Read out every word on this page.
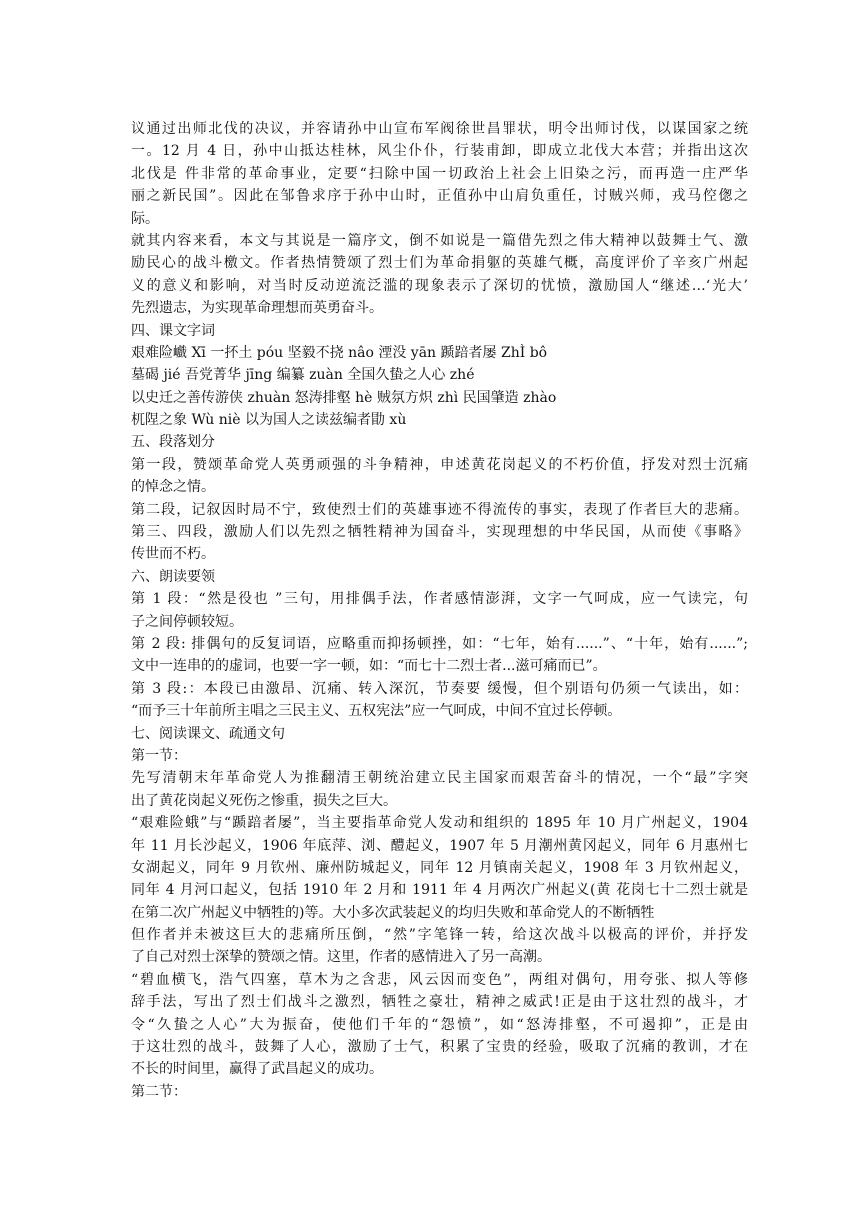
议通过出师北伐的决议，并容请孙中山宣布军阀徐世昌罪状，明令出师讨伐，以谋国家之统
一。12 月 4 日，孙中山抵达桂林，风尘仆仆，行装甫卸，即成立北伐大本营；并指出这次
北伐是 件非常的革命事业，定要“扫除中国一切政治上社会上旧染之污，而再造一庄严华
丽之新民国”。因此在邹鲁求序于孙中山时，正值孙中山肩负重任，讨贼兴师，戎马倥偬之
际。
就其内容来看，本文与其说是一篇序文，倒不如说是一篇借先烈之伟大精神以鼓舞士气、激
励民心的战斗檄文。作者热情赞颂了烈士们为革命捐躯的英雄气概，高度评价了辛亥广州起
义的意义和影响，对当时反动逆流泛滥的现象表示了深切的忧愤，激励国人“继述…‘光大’
先烈遗志，为实现革命理想而英勇奋斗。
四、课文字词
艰难险巇 Xī 一抔土 póu 坚毅不挠 nâo 湮没 yān 踬踣者屡 ZhÌ bô
墓碣 jié 吾党菁华 jīng 编纂 zuàn 全国久蛰之人心 zhé
以史迁之善传游侠 zhuàn 怒涛排壑 hè 贼氛方炽 zhì 民国肇造 zhào
杌陧之象 Wù niè 以为国人之读兹编者勖 xù
五、段落划分
第一段，赞颂革命党人英勇顽强的斗争精神，申述黄花岗起义的不朽价值，抒发对烈士沉痛
的悼念之情。
第二段，记叙因时局不宁，致使烈士们的英雄事迹不得流传的事实，表现了作者巨大的悲痛。
第三、四段，激励人们以先烈之牺牲精神为国奋斗，实现理想的中华民国，从而使《事略》
传世而不朽。
六、朗读要领
第 1 段：“然是役也 ”三句，用排偶手法，作者感情澎湃，文字一气呵成，应一气读完，句
子之间停顿较短。
第 2 段: 排偶句的反复词语，应略重而抑扬顿挫，如：“七年，始有......”、“十年，始有......”;
文中一连串的的虚词，也要一字一顿，如：“而七十二烈士者...滋可痛而已”。
第 3 段:：本段已由激昂、沉痛、转入深沉，节奏要 缓慢，但个别语句仍须一气读出，如：
“而予三十年前所主唱之三民主义、五权宪法”应一气呵成，中间不宜过长停顿。
七、阅读课文、疏通文句
第一节：
先写清朝末年革命党人为推翻清王朝统治建立民主国家而艰苦奋斗的情况，一个“最”字突
出了黄花岗起义死伤之惨重，损失之巨大。
“艰难险蛾”与“踬踣者屡”，当主要指革命党人发动和组织的 1895 年 10 月广州起义，1904
年 11 月长沙起义，1906 年底萍、浏、醴起义，1907 年 5 月潮州黄冈起义，同年 6 月惠州七
女湖起义，同年 9 月钦州、廉州防城起义，同年 12 月镇南关起义，1908 年 3 月钦州起义，
同年 4 月河口起义，包括 1910 年 2 月和 1911 年 4 月两次广州起义(黄 花岗七十二烈士就是
在第二次广州起义中牺牲的)等。大小多次武装起义的均归失败和革命党人的不断牺牲
但作者并未被这巨大的悲痛所压倒，“然”字笔锋一转，给这次战斗以极高的评价，并抒发
了自己对烈士深挚的赞颂之情。这里，作者的感情进入了另一高潮。
“碧血横飞，浩气四塞，草木为之含悲，风云因而变色”，两组对偶句，用夸张、拟人等修
辞手法，写出了烈士们战斗之激烈，牺牲之豪壮，精神之威武!正是由于这壮烈的战斗，才
令“久蛰之人心”大为振奋，使他们千年的“怨愤”，如“怒涛排壑，不可遏抑”，正是由
于这壮烈的战斗，鼓舞了人心，激励了士气，积累了宝贵的经验，吸取了沉痛的教训，才在
不长的时间里，赢得了武昌起义的成功。
第二节：
